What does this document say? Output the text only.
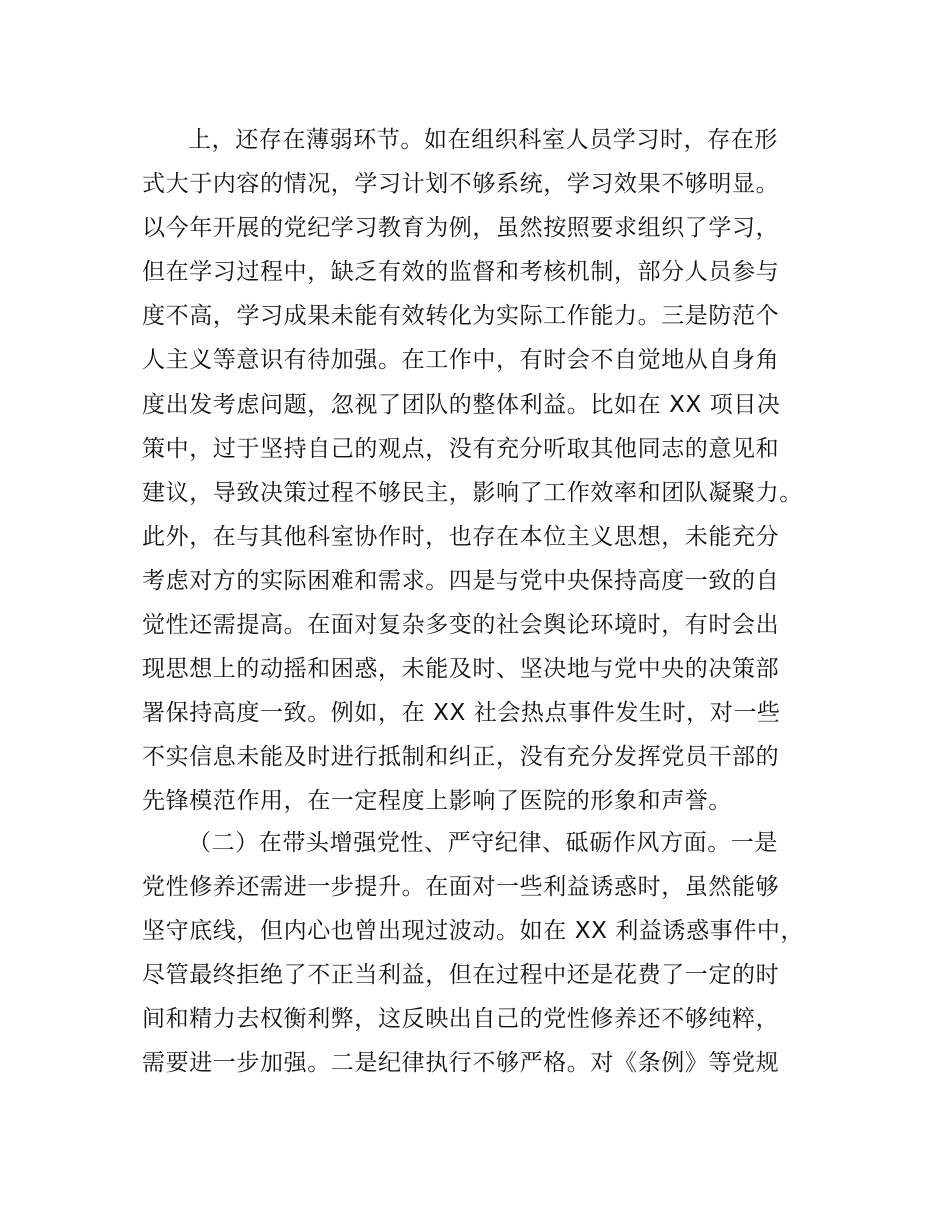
上，还存在薄弱环节。如在组织科室人员学习时，存在形
式大于内容的情况，学习计划不够系统，学习效果不够明显。
以今年开展的党纪学习教育为例，虽然按照要求组织了学习，
但在学习过程中，缺乏有效的监督和考核机制，部分人员参与
度不高，学习成果未能有效转化为实际工作能力。三是防范个
人主义等意识有待加强。在工作中，有时会不自觉地从自身角
度出发考虑问题，忽视了团队的整体利益。比如在 XX 项目决
策中，过于坚持自己的观点，没有充分听取其他同志的意见和
建议，导致决策过程不够民主，影响了工作效率和团队凝聚力。
此外，在与其他科室协作时，也存在本位主义思想，未能充分
考虑对方的实际困难和需求。四是与党中央保持高度一致的自
觉性还需提高。在面对复杂多变的社会舆论环境时，有时会出
现思想上的动摇和困惑，未能及时、坚决地与党中央的决策部
署保持高度一致。例如，在 XX 社会热点事件发生时，对一些
不实信息未能及时进行抵制和纠正，没有充分发挥党员干部的
先锋模范作用，在一定程度上影响了医院的形象和声誉。
（二）在带头增强党性、严守纪律、砥砺作风方面。一是
党性修养还需进一步提升。在面对一些利益诱惑时，虽然能够
坚守底线，但内心也曾出现过波动。如在 XX 利益诱惑事件中，
尽管最终拒绝了不正当利益，但在过程中还是花费了一定的时
间和精力去权衡利弊，这反映出自己的党性修养还不够纯粹，
需要进一步加强。二是纪律执行不够严格。对《条例》等党规
